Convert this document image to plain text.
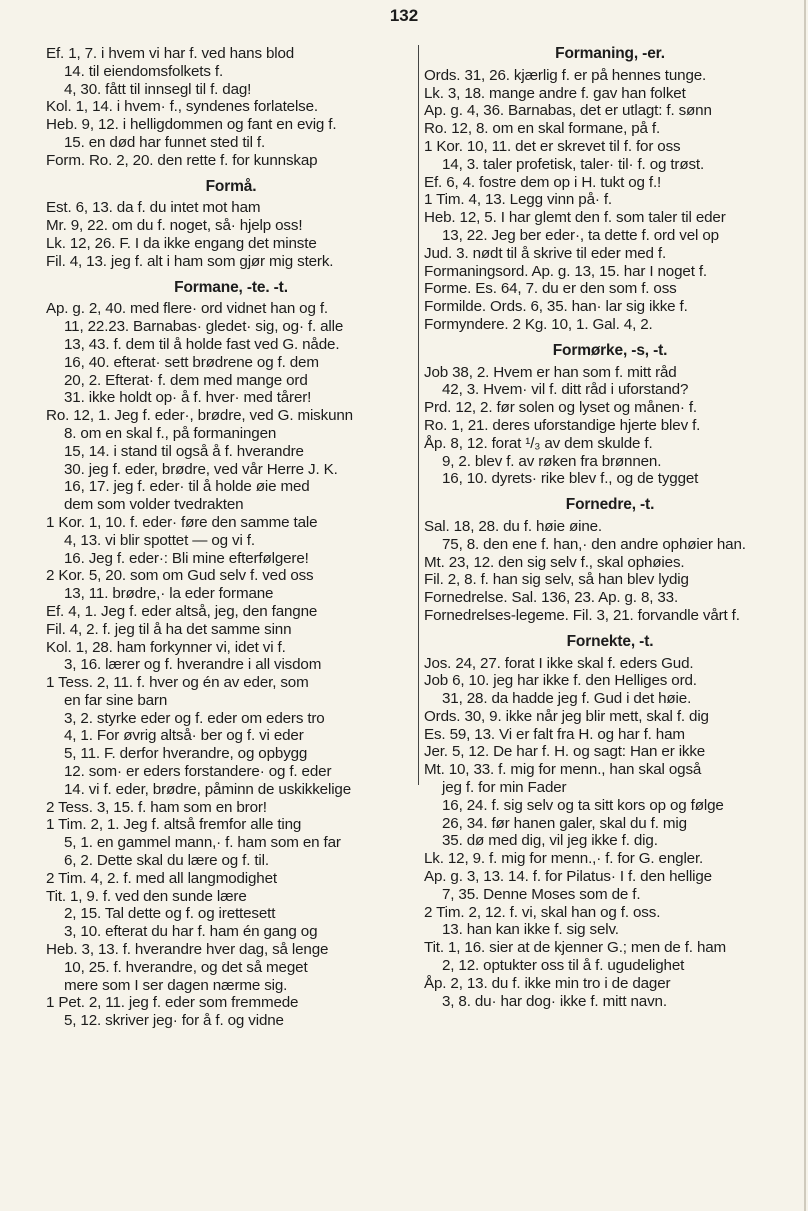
132
Ef. 1, 7. i hvem vi har f. ved hans blod
14. til eiendomsfolkets f.
4, 30. fått til innsegl til f. dag!
Kol. 1, 14. i hvem· f., syndenes forlatelse.
Heb. 9, 12. i helligdommen og fant en evig f.
15. en død har funnet sted til f.
Form. Ro. 2, 20. den rette f. for kunnskap
Formå.
Est. 6, 13. da f. du intet mot ham
Mr. 9, 22. om du f. noget, så· hjelp oss!
Lk. 12, 26. F. I da ikke engang det minste
Fil. 4, 13. jeg f. alt i ham som gjør mig sterk.
Formane, -te. -t.
Ap. g. 2, 40. med flere· ord vidnet han og f.
11, 22.23. Barnabas· gledet· sig, og· f. alle
13, 43. f. dem til å holde fast ved G. nåde.
16, 40. efterat· sett brødrene og f. dem
20, 2. Efterat· f. dem med mange ord
31. ikke holdt op· å f. hver· med tårer!
Ro. 12, 1. Jeg f. eder·, brødre, ved G. miskunn
8. om en skal f., på formaningen
15, 14. i stand til også å f. hverandre
30. jeg f. eder, brødre, ved vår Herre J. K.
16, 17. jeg f. eder· til å holde øie med
dem som volder tvedrakten
1 Kor. 1, 10. f. eder· føre den samme tale
4, 13. vi blir spottet — og vi f.
16. Jeg f. eder·: Bli mine efterfølgere!
2 Kor. 5, 20. som om Gud selv f. ved oss
13, 11. brødre,· la eder formane
Ef. 4, 1. Jeg f. eder altså, jeg, den fangne
Fil. 4, 2. f. jeg til å ha det samme sinn
Kol. 1, 28. ham forkynner vi, idet vi f.
3, 16. lærer og f. hverandre i all visdom
1 Tess. 2, 11. f. hver og én av eder, som
en far sine barn
3, 2. styrke eder og f. eder om eders tro
4, 1. For øvrig altså· ber og f. vi eder
5, 11. F. derfor hverandre, og opbygg
12. som· er eders forstandere· og f. eder
14. vi f. eder, brødre, påminn de uskikkelige
2 Tess. 3, 15. f. ham som en bror!
1 Tim. 2, 1. Jeg f. altså fremfor alle ting
5, 1. en gammel mann,· f. ham som en far
6, 2. Dette skal du lære og f. til.
2 Tim. 4, 2. f. med all langmodighet
Tit. 1, 9. f. ved den sunde lære
2, 15. Tal dette og f. og irettesett
3, 10. efterat du har f. ham én gang og
Heb. 3, 13. f. hverandre hver dag, så lenge
10, 25. f. hverandre, og det så meget
mere som I ser dagen nærme sig.
1 Pet. 2, 11. jeg f. eder som fremmede
5, 12. skriver jeg· for å f. og vidne
Formaning, -er.
Ords. 31, 26. kjærlig f. er på hennes tunge.
Lk. 3, 18. mange andre f. gav han folket
Ap. g. 4, 36. Barnabas, det er utlagt: f. sønn
Ro. 12, 8. om en skal formane, på f.
1 Kor. 10, 11. det er skrevet til f. for oss
14, 3. taler profetisk, taler· til· f. og trøst.
Ef. 6, 4. fostre dem op i H. tukt og f.!
1 Tim. 4, 13. Legg vinn på· f.
Heb. 12, 5. I har glemt den f. som taler til eder
13, 22. Jeg ber eder·, ta dette f. ord vel op
Jud. 3. nødt til å skrive til eder med f.
Formaningsord. Ap. g. 13, 15. har I noget f.
Forme. Es. 64, 7. du er den som f. oss
Formilde. Ords. 6, 35. han· lar sig ikke f.
Formyndere. 2 Kg. 10, 1. Gal. 4, 2.
Formørke, -s, -t.
Job 38, 2. Hvem er han som f. mitt råd
42, 3. Hvem· vil f. ditt råd i uforstand?
Prd. 12, 2. før solen og lyset og månen· f.
Ro. 1, 21. deres uforstandige hjerte blev f.
Åp. 8, 12. forat ¹/₃ av dem skulde f.
9, 2. blev f. av røken fra brønnen.
16, 10. dyrets· rike blev f., og de tygget
Fornedre, -t.
Sal. 18, 28. du f. høie øine.
75, 8. den ene f. han,· den andre ophøier han.
Mt. 23, 12. den sig selv f., skal ophøies.
Fil. 2, 8. f. han sig selv, så han blev lydig
Fornedrelse. Sal. 136, 23. Ap. g. 8, 33.
Fornedrelses-legeme. Fil. 3, 21. forvandle vårt f.
Fornekte, -t.
Jos. 24, 27. forat I ikke skal f. eders Gud.
Job 6, 10. jeg har ikke f. den Helliges ord.
31, 28. da hadde jeg f. Gud i det høie.
Ords. 30, 9. ikke når jeg blir mett, skal f. dig
Es. 59, 13. Vi er falt fra H. og har f. ham
Jer. 5, 12. De har f. H. og sagt: Han er ikke
Mt. 10, 33. f. mig for menn., han skal også
jeg f. for min Fader
16, 24. f. sig selv og ta sitt kors op og følge
26, 34. før hanen galer, skal du f. mig
35. dø med dig, vil jeg ikke f. dig.
Lk. 12, 9. f. mig for menn.,· f. for G. engler.
Ap. g. 3, 13. 14. f. for Pilatus· I f. den hellige
7, 35. Denne Moses som de f.
2 Tim. 2, 12. f. vi, skal han og f. oss.
13. han kan ikke f. sig selv.
Tit. 1, 16. sier at de kjenner G.; men de f. ham
2, 12. optukter oss til å f. ugudelighet
Åp. 2, 13. du f. ikke min tro i de dager
3, 8. du· har dog· ikke f. mitt navn.
